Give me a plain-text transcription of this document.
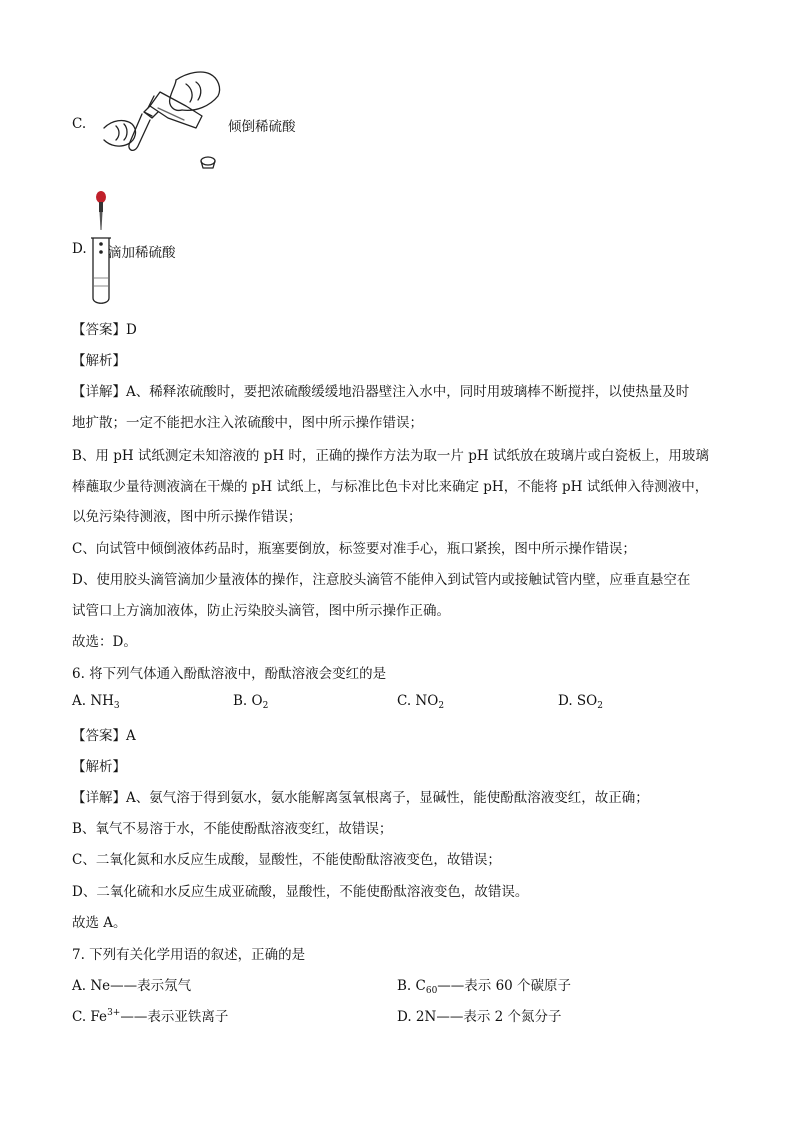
C.	倾倒稀硫酸
D. 滴加稀硫酸
【答案】D
【解析】
【详解】A、稀释浓硫酸时，要把浓硫酸缓缓地沿器壁注入水中，同时用玻璃棒不断搅拌，以使热量及时
地扩散；一定不能把水注入浓硫酸中，图中所示操作错误；
B、用 pH 试纸测定未知溶液的 pH 时，正确的操作方法为取一片 pH 试纸放在玻璃片或白瓷板上，用玻璃
棒蘸取少量待测液滴在干燥的 pH 试纸上，与标准比色卡对比来确定 pH，不能将 pH 试纸伸入待测液中，
以免污染待测液，图中所示操作错误；
C、向试管中倾倒液体药品时，瓶塞要倒放，标签要对准手心，瓶口紧挨，图中所示操作错误；
D、使用胶头滴管滴加少量液体的操作，注意胶头滴管不能伸入到试管内或接触试管内壁，应垂直悬空在
试管口上方滴加液体，防止污染胶头滴管，图中所示操作正确。
故选：D。
6. 将下列气体通入酚酞溶液中，酚酞溶液会变红的是
A. $NH_3$	B. $O_2$	C. $NO_2$	D. $SO_2$
【答案】A
【解析】
【详解】A、氨气溶于得到氨水，氨水能解离氢氧根离子，显碱性，能使酚酞溶液变红，故正确；
B、氧气不易溶于水，不能使酚酞溶液变红，故错误；
C、二氧化氮和水反应生成酸，显酸性，不能使酚酞溶液变色，故错误；
D、二氧化硫和水反应生成亚硫酸，显酸性，不能使酚酞溶液变色，故错误。
故选 A。
7. 下列有关化学用语的叙述，正确的是
A. Ne——表示氖气	B. $C_{60}——$表示 60 个碳原子
C. $Fe^{3+}——$表示亚铁离子	D. 2N——表示 2 个氮分子
